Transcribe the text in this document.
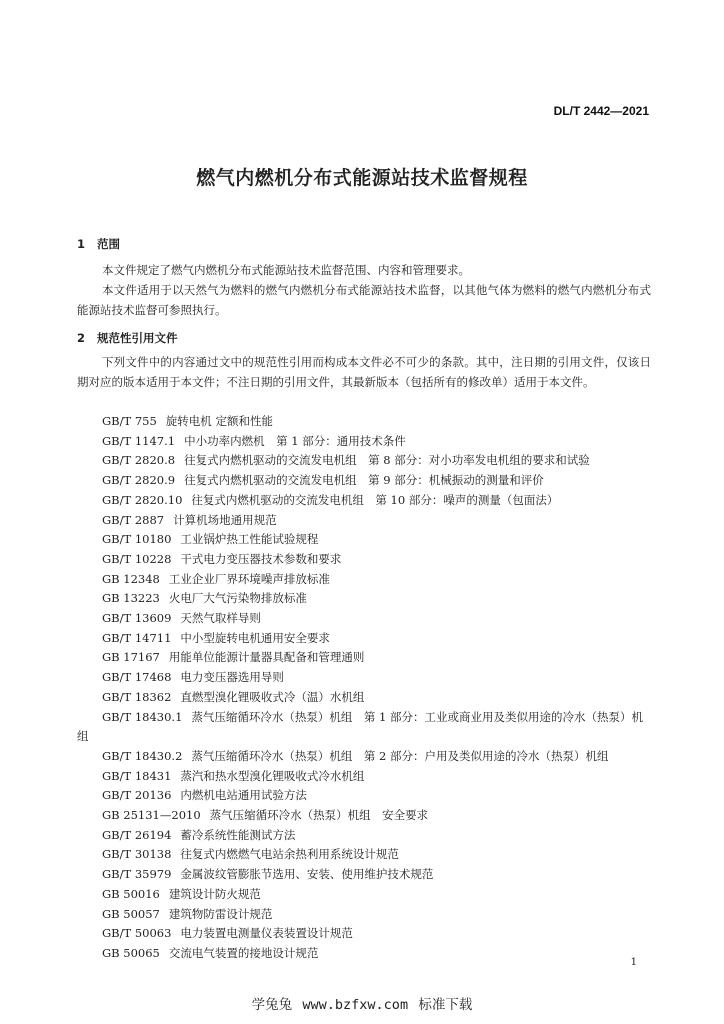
DL/T 2442—2021
燃气内燃机分布式能源站技术监督规程
1 范围
本文件规定了燃气内燃机分布式能源站技术监督范围、内容和管理要求。
本文件适用于以天然气为燃料的燃气内燃机分布式能源站技术监督，以其他气体为燃料的燃气内燃机分布式能源站技术监督可参照执行。
2 规范性引用文件
下列文件中的内容通过文中的规范性引用而构成本文件必不可少的条款。其中，注日期的引用文件，仅该日期对应的版本适用于本文件；不注日期的引用文件，其最新版本（包括所有的修改单）适用于本文件。
GB/T 755 旋转电机 定额和性能
GB/T 1147.1 中小功率内燃机　第 1 部分：通用技术条件
GB/T 2820.8 往复式内燃机驱动的交流发电机组　第 8 部分：对小功率发电机组的要求和试验
GB/T 2820.9 往复式内燃机驱动的交流发电机组　第 9 部分：机械振动的测量和评价
GB/T 2820.10 往复式内燃机驱动的交流发电机组　第 10 部分：噪声的测量（包面法）
GB/T 2887 计算机场地通用规范
GB/T 10180 工业锅炉热工性能试验规程
GB/T 10228 干式电力变压器技术参数和要求
GB 12348 工业企业厂界环境噪声排放标准
GB 13223 火电厂大气污染物排放标准
GB/T 13609 天然气取样导则
GB/T 14711 中小型旋转电机通用安全要求
GB 17167 用能单位能源计量器具配备和管理通则
GB/T 17468 电力变压器选用导则
GB/T 18362 直燃型溴化锂吸收式冷（温）水机组
GB/T 18430.1 蒸气压缩循环冷水（热泵）机组　第 1 部分：工业或商业用及类似用途的冷水（热泵）机组
GB/T 18430.2 蒸气压缩循环冷水（热泵）机组　第 2 部分：户用及类似用途的冷水（热泵）机组
GB/T 18431 蒸汽和热水型溴化锂吸收式冷水机组
GB/T 20136 内燃机电站通用试验方法
GB 25131—2010 蒸气压缩循环冷水（热泵）机组　安全要求
GB/T 26194 蓄冷系统性能测试方法
GB/T 30138 往复式内燃燃气电站余热利用系统设计规范
GB/T 35979 金属波纹管膨胀节选用、安装、使用维护技术规范
GB 50016 建筑设计防火规范
GB 50057 建筑物防雷设计规范
GB/T 50063 电力装置电测量仪表装置设计规范
GB 50065 交流电气装置的接地设计规范
1
学兔兔 www.bzfxw.com 标准下载
